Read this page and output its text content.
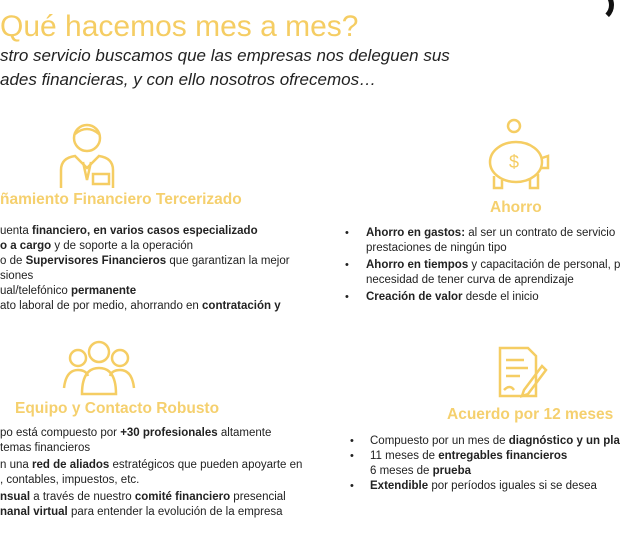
Qué hacemos mes a mes?
stro servicio buscamos que las empresas nos deleguen sus
ades financieras, y con ello nosotros ofrecemos…
$
ñamiento Financiero Tercerizado	Ahorro
Equipo y Contacto Robusto	Acuerdo por 12 meses
uenta financiero, en varios casos especializado
o a cargo y de soporte a la operación
o de Supervisores Financieros que garantizan la mejor
siones
ual/telefónico permanente
ato laboral de por medio, ahorrando en contratación y
• Ahorro en gastos: al ser un contrato de servicio
prestaciones de ningún tipo
• Ahorro en tiempos y capacitación de personal, p
necesidad de tener curva de aprendizaje
• Creación de valor desde el inicio
po está compuesto por +30 profesionales altamente
temas financieros
n una red de aliados estratégicos que pueden apoyarte en
, contables, impuestos, etc.
nsual a través de nuestro comité financiero presencial
nanal virtual para entender la evolución de la empresa
• Compuesto por un mes de diagnóstico y un pla
• 11 meses de entregables financieros
6 meses de prueba
• Extendible por períodos iguales si se desea
